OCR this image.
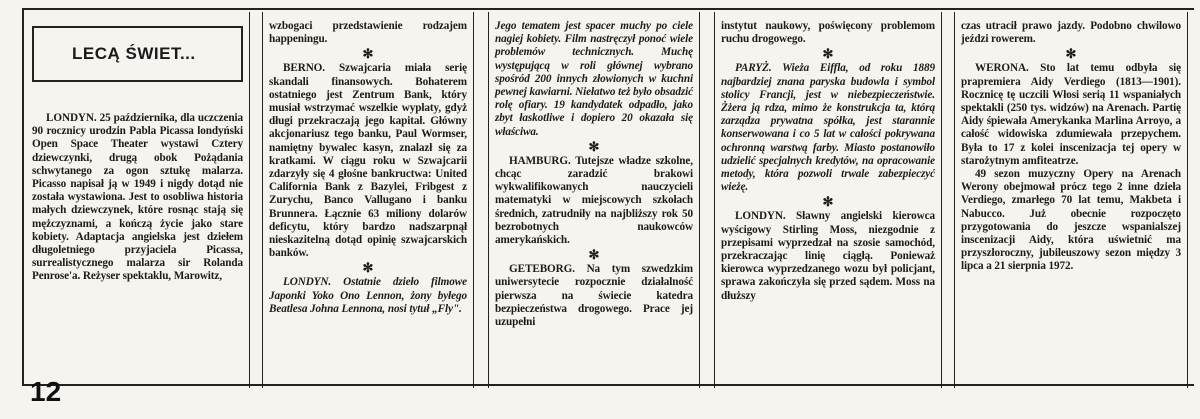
LECĄ ŚWIET...

LONDYN. 25 października, dla uczczenia 90 rocznicy urodzin Pabla Picassa londyński Open Space Theater wystawi Cztery dziewczynki, drugą obok Pożądania schwytanego za ogon sztukę malarza. Picasso napisał ją w 1949 i nigdy dotąd nie została wystawiona. Jest to osobliwa historia małych dziewczynek, które rosnąc stają się mężczyznami, a kończą życie jako stare kobiety. Adaptacja angielska jest dziełem długoletniego przyjaciela Picassa, surrealistycznego malarza sir Rolanda Penrose'a. Reżyser spektaklu, Marowitz,

wzbogaci przedstawienie rodzajem happeningu.

✻

BERNO. Szwajcaria miała serię skandali finansowych. Bohaterem ostatniego jest Zentrum Bank, który musiał wstrzymać wszelkie wypłaty, gdyż długi przekraczają jego kapitał. Główny akcjonariusz tego banku, Paul Wormser, namiętny bywalec kasyn, znalazł się za kratkami. W ciągu roku w Szwajcarii zdarzyły się 4 głośne bankructwa: United California Bank z Bazylei, Fribgest z Zurychu, Banco Vallugano i banku Brunnera. Łącznie 63 miliony dolarów deficytu, który bardzo nadszarpnął nieskazitelną dotąd opinię szwajcarskich banków.

✻

LONDYN. Ostatnie dzieło filmowe Japonki Yoko Ono Lennon, żony byłego Beatlesa Johna Lennona, nosi tytuł „Fly".

Jego tematem jest spacer muchy po ciele nagiej kobiety. Film nastręczył ponoć wiele problemów technicznych. Muchę występującą w roli głównej wybrano spośród 200 innych złowionych w kuchni pewnej kawiarni. Niełatwo też było obsadzić rolę ofiary. 19 kandydatek odpadło, jako zbyt łaskotliwe i dopiero 20 okazała się właściwa.

✻

HAMBURG. Tutejsze władze szkolne, chcąc zaradzić brakowi wykwalifikowanych nauczycieli matematyki w miejscowych szkołach średnich, zatrudniły na najbliższy rok 50 bezrobotnych naukowców amerykańskich.

✻

GETEBORG. Na tym szwedzkim uniwersytecie rozpocznie działalność pierwsza na świecie katedra bezpieczeństwa drogowego. Prace jej uzupełni

instytut naukowy, poświęcony problemom ruchu drogowego.

✻

PARYŻ. Wieża Eiffla, od roku 1889 najbardziej znana paryska budowla i symbol stolicy Francji, jest w niebezpieczeństwie. Żżera ją rdza, mimo że konstrukcja ta, którą zarządza prywatna spółka, jest starannie konserwowana i co 5 lat w całości pokrywana ochronną warstwą farby. Miasto postanowiło udzielić specjalnych kredytów, na opracowanie metody, która pozwoli trwale zabezpieczyć wieżę.

✻

LONDYN. Sławny angielski kierowca wyścigowy Stirling Moss, niezgodnie z przepisami wyprzedzał na szosie samochód, przekraczając linię ciągłą. Ponieważ kierowca wyprzedzanego wozu był policjant, sprawa zakończyła się przed sądem. Moss na dłuższy

czas utracił prawo jazdy. Podobno chwilowo jeździ rowerem.

✻

WERONA. Sto lat temu odbyła się prapremiera Aidy Verdiego (1813—1901). Rocznicę tę uczcili Włosi serią 11 wspaniałych spektakli (250 tys. widzów) na Arenach. Partię Aidy śpiewała Amerykanka Marlina Arroyo, a całość widowiska zdumiewała przepychem. Była to 17 z kolei inscenizacja tej opery w starożytnym amfiteatrze.

49 sezon muzyczny Opery na Arenach Werony obejmował prócz tego 2 inne dzieła Verdiego, zmarłego 70 lat temu, Makbeta i Nabucco. Już obecnie rozpoczęto przygotowania do jeszcze wspanialszej inscenizacji Aidy, która uświetnić ma przyszłoroczny, jubileuszowy sezon między 3 lipca a 21 sierpnia 1972.

12
